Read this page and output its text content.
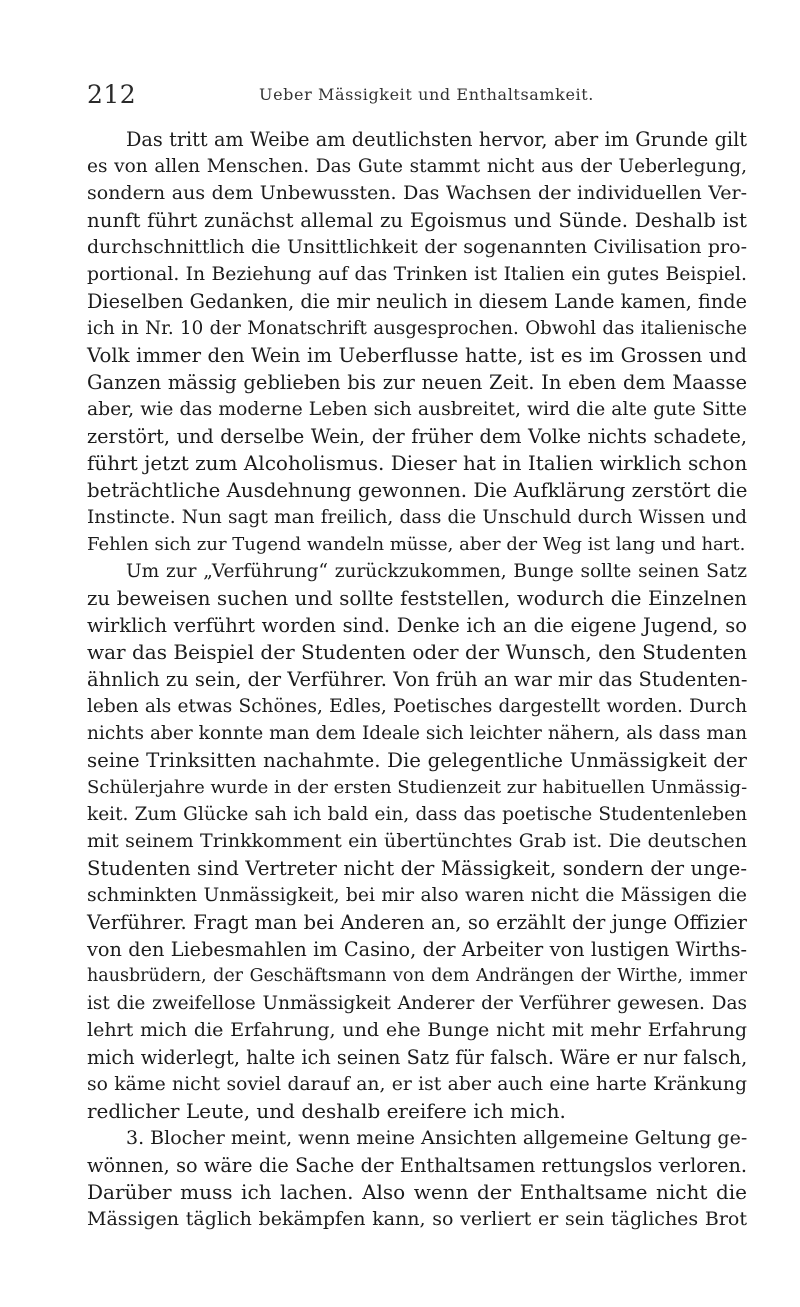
212	Ueber Mässigkeit und Enthaltsamkeit.
Das tritt am Weibe am deutlichsten hervor, aber im Grunde gilt
es von allen Menschen. Das Gute stammt nicht aus der Ueberlegung,
sondern aus dem Unbewussten. Das Wachsen der individuellen Ver-
nunft führt zunächst allemal zu Egoismus und Sünde. Deshalb ist
durchschnittlich die Unsittlichkeit der sogenannten Civilisation pro-
portional. In Beziehung auf das Trinken ist Italien ein gutes Beispiel.
Dieselben Gedanken, die mir neulich in diesem Lande kamen, finde
ich in Nr. 10 der Monatschrift ausgesprochen. Obwohl das italienische
Volk immer den Wein im Ueberflusse hatte, ist es im Grossen und
Ganzen mässig geblieben bis zur neuen Zeit. In eben dem Maasse
aber, wie das moderne Leben sich ausbreitet, wird die alte gute Sitte
zerstört, und derselbe Wein, der früher dem Volke nichts schadete,
führt jetzt zum Alcoholismus. Dieser hat in Italien wirklich schon
beträchtliche Ausdehnung gewonnen. Die Aufklärung zerstört die
Instincte. Nun sagt man freilich, dass die Unschuld durch Wissen und
Fehlen sich zur Tugend wandeln müsse, aber der Weg ist lang und hart.
Um zur „Verführung“ zurückzukommen, Bunge sollte seinen Satz
zu beweisen suchen und sollte feststellen, wodurch die Einzelnen
wirklich verführt worden sind. Denke ich an die eigene Jugend, so
war das Beispiel der Studenten oder der Wunsch, den Studenten
ähnlich zu sein, der Verführer. Von früh an war mir das Studenten-
leben als etwas Schönes, Edles, Poetisches dargestellt worden. Durch
nichts aber konnte man dem Ideale sich leichter nähern, als dass man
seine Trinksitten nachahmte. Die gelegentliche Unmässigkeit der
Schülerjahre wurde in der ersten Studienzeit zur habituellen Unmässig-
keit. Zum Glücke sah ich bald ein, dass das poetische Studentenleben
mit seinem Trinkkomment ein übertünchtes Grab ist. Die deutschen
Studenten sind Vertreter nicht der Mässigkeit, sondern der unge-
schminkten Unmässigkeit, bei mir also waren nicht die Mässigen die
Verführer. Fragt man bei Anderen an, so erzählt der junge Offizier
von den Liebesmahlen im Casino, der Arbeiter von lustigen Wirths-
hausbrüdern, der Geschäftsmann von dem Andrängen der Wirthe, immer
ist die zweifellose Unmässigkeit Anderer der Verführer gewesen. Das
lehrt mich die Erfahrung, und ehe Bunge nicht mit mehr Erfahrung
mich widerlegt, halte ich seinen Satz für falsch. Wäre er nur falsch,
so käme nicht soviel darauf an, er ist aber auch eine harte Kränkung
redlicher Leute, und deshalb ereifere ich mich.
3. Blocher meint, wenn meine Ansichten allgemeine Geltung ge-
wönnen, so wäre die Sache der Enthaltsamen rettungslos verloren.
Darüber muss ich lachen. Also wenn der Enthaltsame nicht die
Mässigen täglich bekämpfen kann, so verliert er sein tägliches Brot
